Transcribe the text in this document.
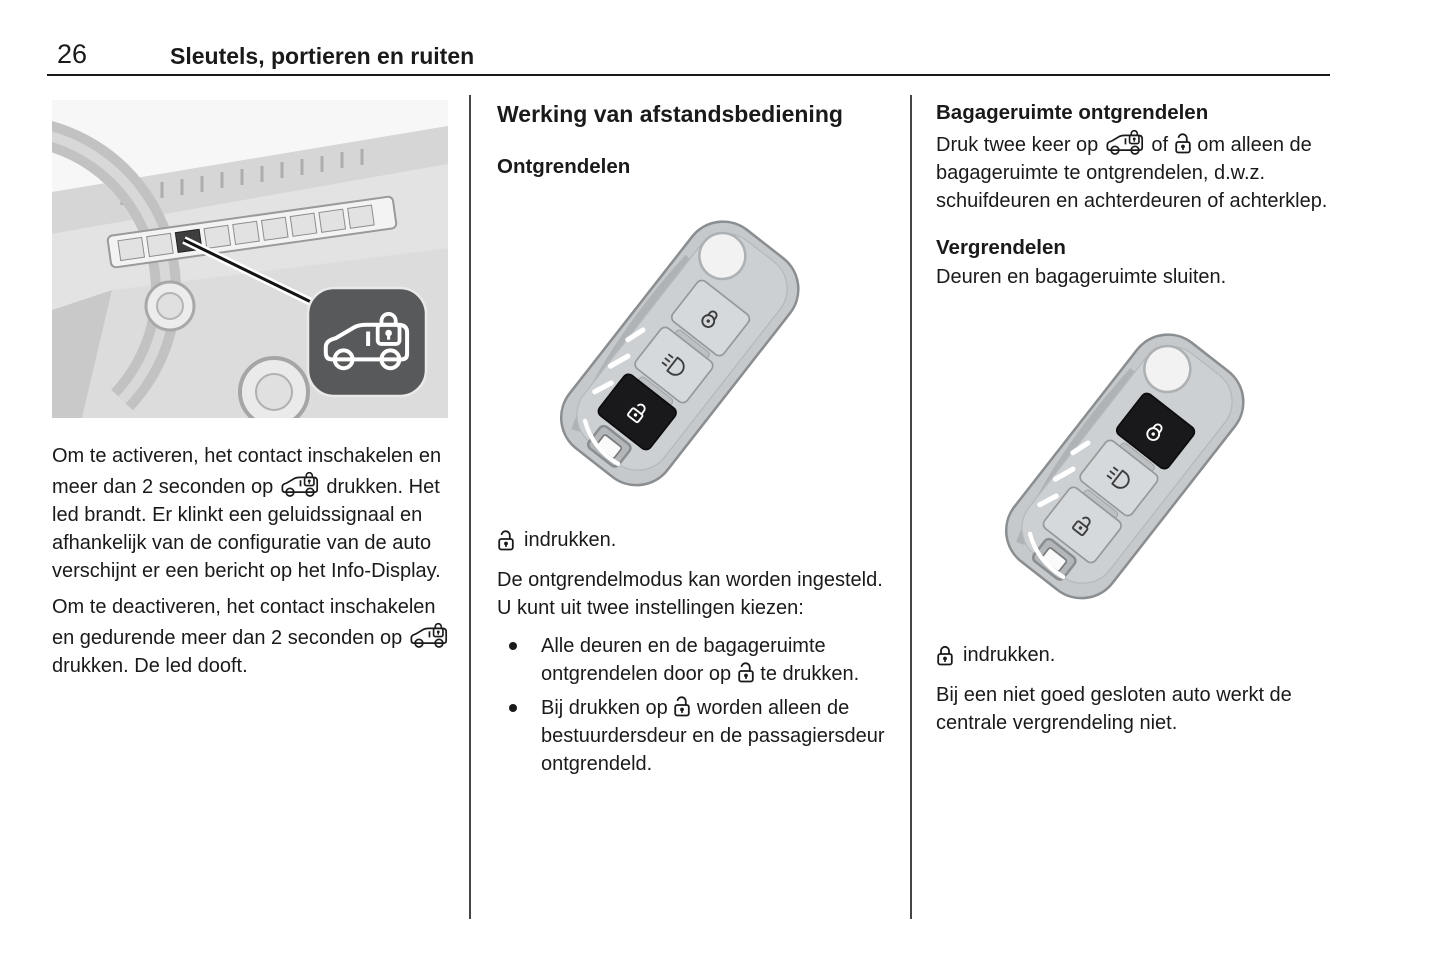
26	Sleutels, portieren en ruiten

Om te activeren, het contact inschakelen en meer dan 2 seconden op	drukken. Het led brandt. Er klinkt een geluidssignaal en afhankelijk van de configuratie van de auto verschijnt er een bericht op het Info-Display.

Om te deactiveren, het contact inschakelen en gedurende meer dan 2 seconden op
drukken. De led dooft.

Werking van afstandsbediening
Ontgrendelen
indrukken.

De ontgrendelmodus kan worden ingesteld. U kunt uit twee instellingen kiezen:

Alle deuren en de bagageruimte ontgrendelen door op te drukken.
Bij drukken op worden alleen de bestuurdersdeur en de passagiersdeur ontgrendeld.
Bagageruimte ontgrendelen

Druk twee keer op	of om alleen de bagageruimte te ontgrendelen, d.w.z. schuifdeuren en achterdeuren of achterklep.

Vergrendelen

Deuren en bagageruimte sluiten.

indrukken.

Bij een niet goed gesloten auto werkt de centrale vergrendeling niet.
